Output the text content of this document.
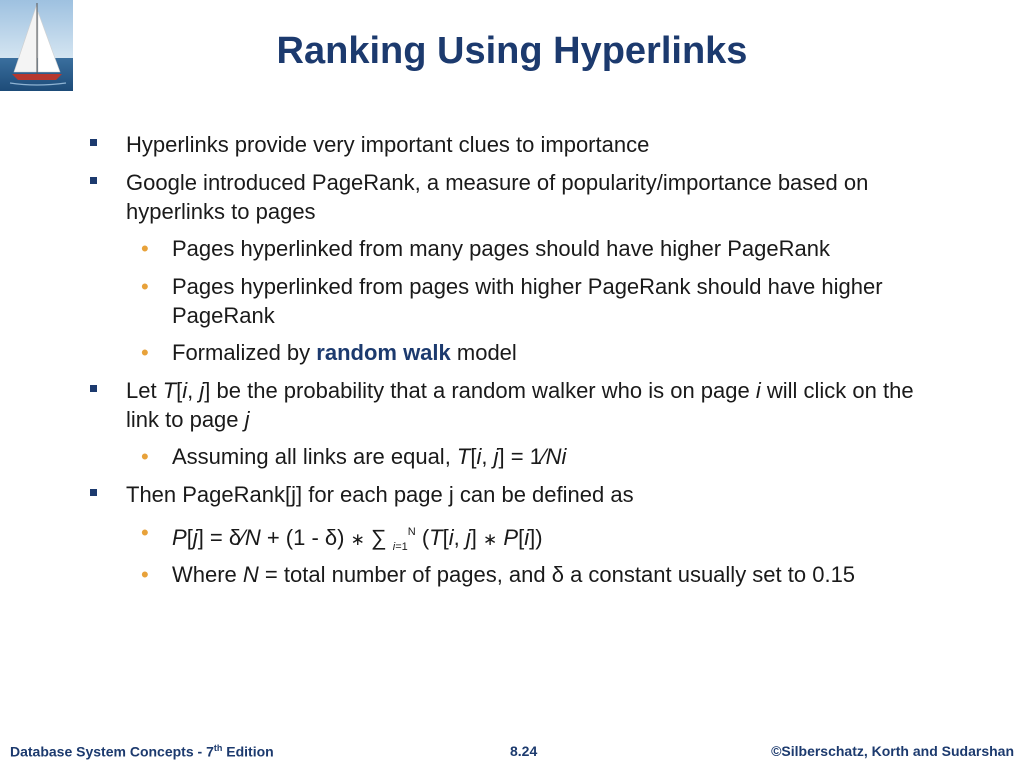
Ranking Using Hyperlinks
Hyperlinks provide very important clues to importance
Google introduced PageRank, a measure of popularity/importance based on hyperlinks to pages
• Pages hyperlinked from many pages should have higher PageRank
• Pages hyperlinked from pages with higher PageRank should have higher PageRank
• Formalized by random walk model
Let T[i, j] be the probability that a random walker who is on page i will click on the link to page j
• Assuming all links are equal, T[i, j] = 1⁄Ni
Then PageRank[j] for each page j can be defined as
• P[j] = δ⁄N + (1 - δ) ∗ ∑ $_{i=1}^N$ (T[i, j] ∗ P[i])
• Where N = total number of pages, and δ a constant usually set to 0.15
Database System Concepts - 7th Edition	8.24	©Silberschatz, Korth and Sudarshan
